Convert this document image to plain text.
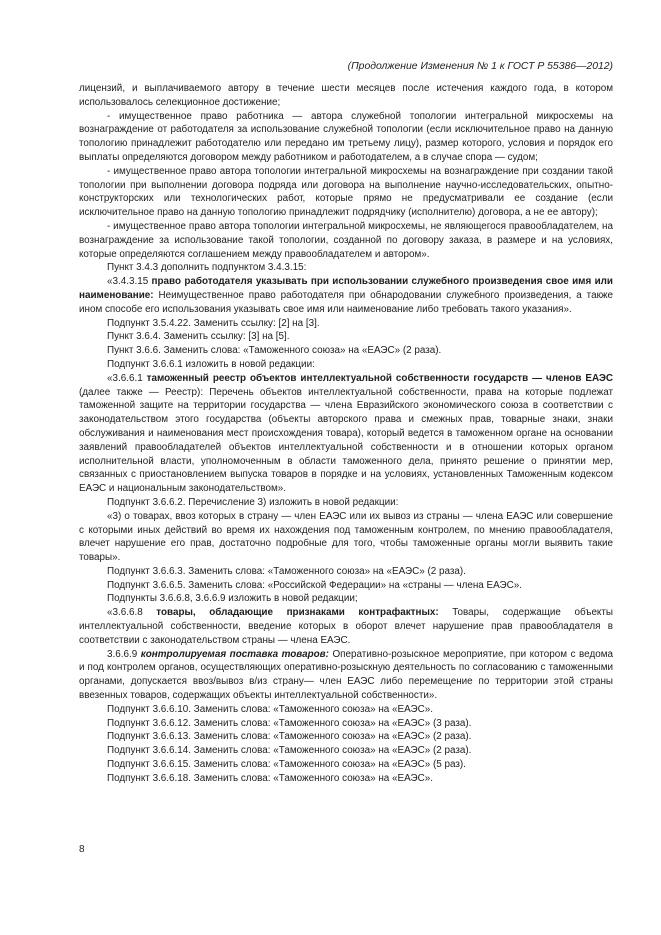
(Продолжение Изменения № 1 к ГОСТ Р 55386—2012)

лицензий, и выплачиваемого автору в течение шести месяцев после истечения каждого года, в котором использовалось селекционное достижение;

- имущественное право работника — автора служебной топологии интегральной микросхемы на вознаграждение от работодателя за использование служебной топологии (если исключительное право на данную топологию принадлежит работодателю или передано им третьему лицу), размер которого, условия и порядок его выплаты определяются договором между работником и работодателем, а в случае спора — судом;

- имущественное право автора топологии интегральной микросхемы на вознаграждение при создании такой топологии при выполнении договора подряда или договора на выполнение научно-исследовательских, опытно-конструкторских или технологических работ, которые прямо не предусматривали ее создание (если исключительное право на данную топологию принадлежит подрядчику (исполнителю) договора, а не ее автору);

- имущественное право автора топологии интегральной микросхемы, не являющегося правообладателем, на вознаграждение за использование такой топологии, созданной по договору заказа, в размере и на условиях, которые определяются соглашением между правообладателем и автором».

Пункт 3.4.3 дополнить подпунктом 3.4.3.15:

«3.4.3.15 право работодателя указывать при использовании служебного произведения свое имя или наименование: Неимущественное право работодателя при обнародовании служебного произведения, а также ином способе его использования указывать свое имя или наименование либо требовать такого указания».

Подпункт 3.5.4.22. Заменить ссылку: [2] на [3].

Пункт 3.6.4. Заменить ссылку: [3] на [5].

Пункт 3.6.6. Заменить слова: «Таможенного союза» на «ЕАЭС» (2 раза).

Подпункт 3.6.6.1 изложить в новой редакции:

«3.6.6.1 таможенный реестр объектов интеллектуальной собственности государств — членов ЕАЭС (далее также — Реестр): Перечень объектов интеллектуальной собственности, права на которые подлежат таможенной защите на территории государства — члена Евразийского экономического союза в соответствии с законодательством этого государства (объекты авторского права и смежных прав, товарные знаки, знаки обслуживания и наименования мест происхождения товара), который ведется в таможенном органе на основании заявлений правообладателей объектов интеллектуальной собственности и в отношении которых органом исполнительной власти, уполномоченным в области таможенного дела, принято решение о принятии мер, связанных с приостановлением выпуска товаров в порядке и на условиях, установленных Таможенным кодексом ЕАЭС и национальным законодательством».

Подпункт 3.6.6.2. Перечисление 3) изложить в новой редакции:

«3) о товарах, ввоз которых в страну — член ЕАЭС или их вывоз из страны — члена ЕАЭС или совершение с которыми иных действий во время их нахождения под таможенным контролем, по мнению правообладателя, влечет нарушение его прав, достаточно подробные для того, чтобы таможенные органы могли выявить такие товары».

Подпункт 3.6.6.3. Заменить слова: «Таможенного союза» на «ЕАЭС» (2 раза).

Подпункт 3.6.6.5. Заменить слова: «Российской Федерации» на «страны — члена ЕАЭС».

Подпункты 3.6.6.8, 3.6.6.9 изложить в новой редакции;

«3.6.6.8 товары, обладающие признаками контрафактных: Товары, содержащие объекты интеллектуальной собственности, введение которых в оборот влечет нарушение прав правообладателя в соответствии с законодательством страны — члена ЕАЭС.

3.6.6.9 контролируемая поставка товаров: Оперативно-розыскное мероприятие, при котором с ведома и под контролем органов, осуществляющих оперативно-розыскную деятельность по согласованию с таможенными органами, допускается ввоз/вывоз в/из страну— член ЕАЭС либо перемещение по территории этой страны ввезенных товаров, содержащих объекты интеллектуальной собственности».

Подпункт 3.6.6.10. Заменить слова: «Таможенного союза» на «ЕАЭС».

Подпункт 3.6.6.12. Заменить слова: «Таможенного союза» на «ЕАЭС» (3 раза).

Подпункт 3.6.6.13. Заменить слова: «Таможенного союза» на «ЕАЭС» (2 раза).

Подпункт 3.6.6.14. Заменить слова: «Таможенного союза» на «ЕАЭС» (2 раза).

Подпункт 3.6.6.15. Заменить слова: «Таможенного союза» на «ЕАЭС» (5 раз).

Подпункт 3.6.6.18. Заменить слова: «Таможенного союза» на «ЕАЭС».

8
